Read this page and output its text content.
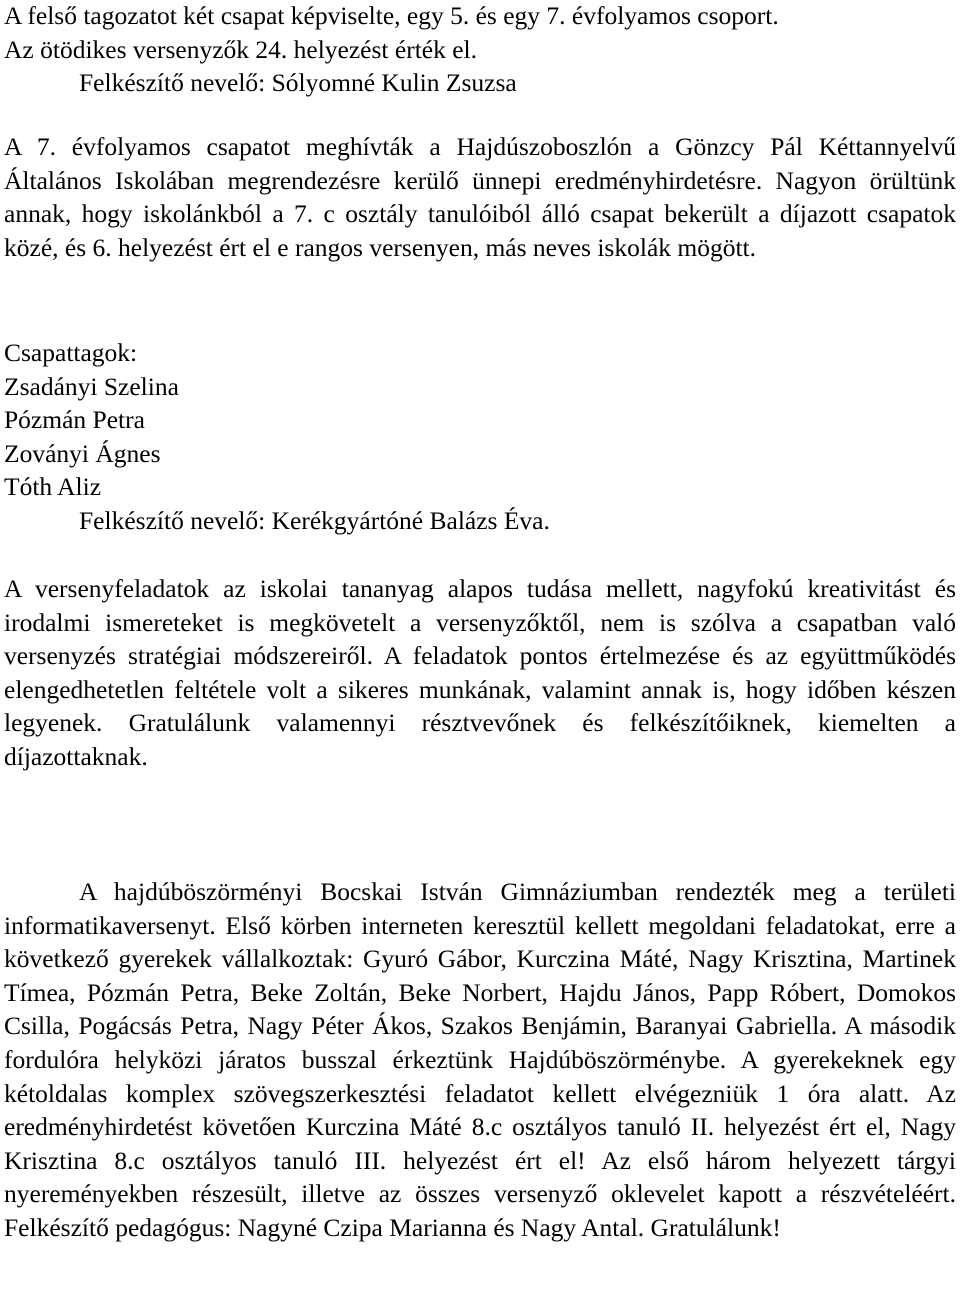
A felső tagozatot két csapat képviselte, egy 5. és egy 7. évfolyamos csoport.
Az ötödikes versenyzők 24. helyezést érték el.
Felkészítő nevelő: Sólyomné Kulin Zsuzsa

A 7. évfolyamos csapatot meghívták a Hajdúszoboszlón a Gönzcy Pál Kéttannyelvű Általános Iskolában megrendezésre kerülő ünnepi eredményhirdetésre. Nagyon örültünk annak, hogy iskolánkból a 7. c osztály tanulóiból álló csapat bekerült a díjazott csapatok közé, és 6. helyezést ért el e rangos versenyen, más neves iskolák mögött.

Csapattagok:
Zsadányi Szelina
Pózmán Petra
Zoványi Ágnes
Tóth Aliz
Felkészítő nevelő: Kerékgyártóné Balázs Éva.

A versenyfeladatok az iskolai tananyag alapos tudása mellett, nagyfokú kreativitást és irodalmi ismereteket is megkövetelt a versenyzőktől, nem is szólva a csapatban való versenyzés stratégiai módszereiről. A feladatok pontos értelmezése és az együttműködés elengedhetetlen feltétele volt a sikeres munkának, valamint annak is, hogy időben készen legyenek. Gratulálunk valamennyi résztvevőnek és felkészítőiknek, kiemelten a díjazottaknak.

A hajdúböszörményi Bocskai István Gimnáziumban rendezték meg a területi informatikaversenyt. Első körben interneten keresztül kellett megoldani feladatokat, erre a következő gyerekek vállalkoztak: Gyuró Gábor, Kurczina Máté, Nagy Krisztina, Martinek Tímea, Pózmán Petra, Beke Zoltán, Beke Norbert, Hajdu János, Papp Róbert, Domokos Csilla, Pogácsás Petra, Nagy Péter Ákos, Szakos Benjámin, Baranyai Gabriella. A második fordulóra helyközi járatos busszal érkeztünk Hajdúböszörménybe. A gyerekeknek egy kétoldalas komplex szövegszerkesztési feladatot kellett elvégezniük 1 óra alatt. Az eredményhirdetést követően Kurczina Máté 8.c osztályos tanuló II. helyezést ért el, Nagy Krisztina 8.c osztályos tanuló III. helyezést ért el! Az első három helyezett tárgyi nyereményekben részesült, illetve az összes versenyző oklevelet kapott a részvételéért. Felkészítő pedagógus: Nagyné Czipa Marianna és Nagy Antal. Gratulálunk!
